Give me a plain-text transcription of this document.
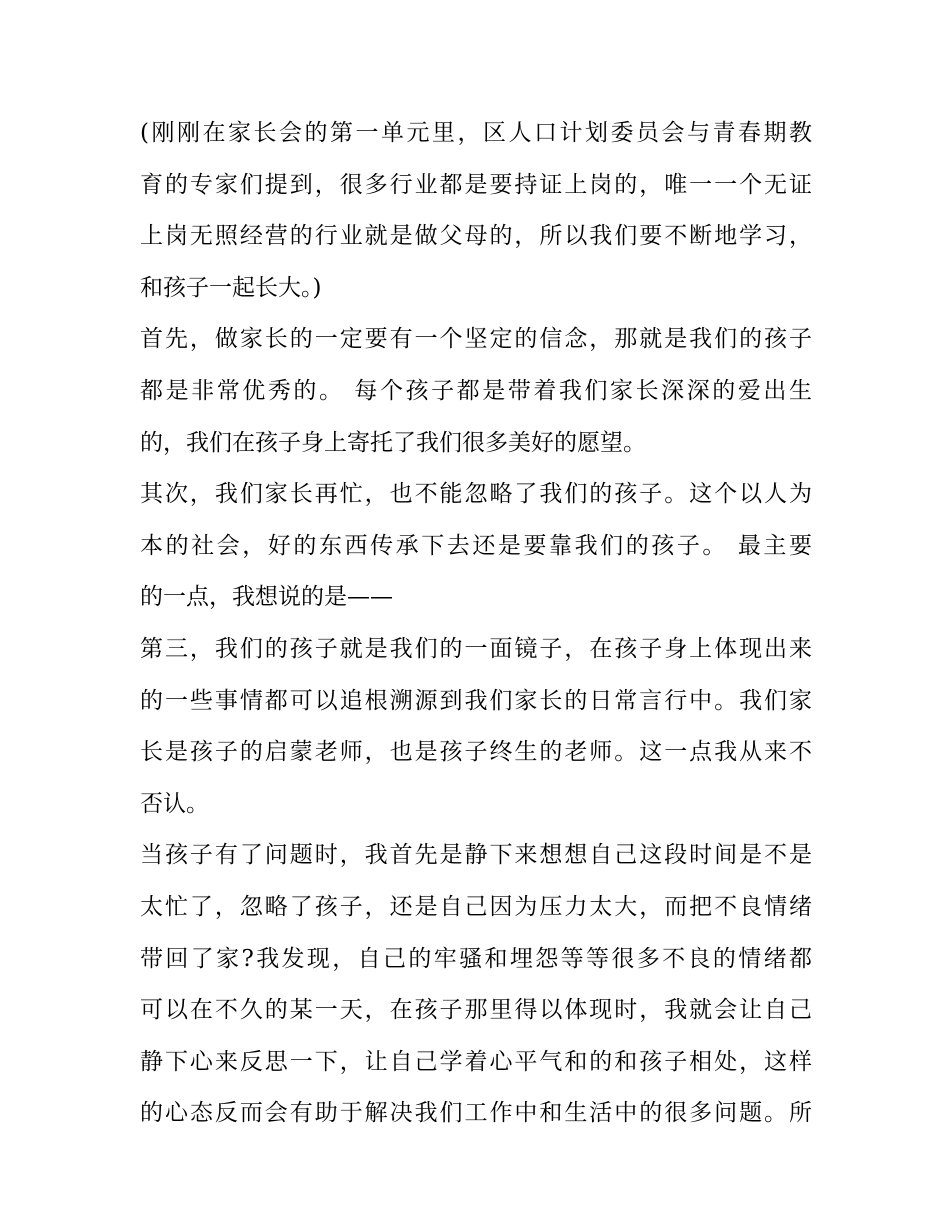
(刚刚在家长会的第一单元里，区人口计划委员会与青春期教
育的专家们提到，很多行业都是要持证上岗的，唯一一个无证
上岗无照经营的行业就是做父母的，所以我们要不断地学习，
和孩子一起长大。)
首先，做家长的一定要有一个坚定的信念，那就是我们的孩子
都是非常优秀的。 每个孩子都是带着我们家长深深的爱出生
的，我们在孩子身上寄托了我们很多美好的愿望。
其次，我们家长再忙，也不能忽略了我们的孩子。这个以人为
本的社会，好的东西传承下去还是要靠我们的孩子。 最主要
的一点，我想说的是——
第三，我们的孩子就是我们的一面镜子，在孩子身上体现出来
的一些事情都可以追根溯源到我们家长的日常言行中。我们家
长是孩子的启蒙老师，也是孩子终生的老师。这一点我从来不
否认。
当孩子有了问题时，我首先是静下来想想自己这段时间是不是
太忙了，忽略了孩子，还是自己因为压力太大，而把不良情绪
带回了家?我发现，自己的牢骚和埋怨等等很多不良的情绪都
可以在不久的某一天，在孩子那里得以体现时，我就会让自己
静下心来反思一下，让自己学着心平气和的和孩子相处，这样
的心态反而会有助于解决我们工作中和生活中的很多问题。所
